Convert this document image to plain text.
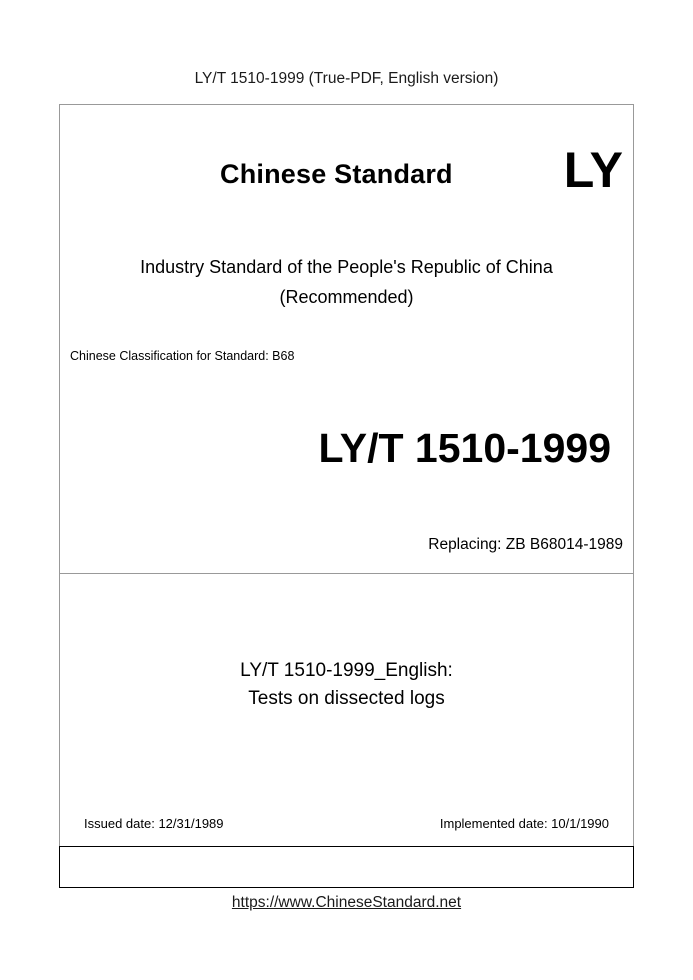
LY/T 1510-1999 (True-PDF, English version)
Chinese Standard LY
Industry Standard of the People's Republic of China
(Recommended)
Chinese Classification for Standard: B68
LY/T 1510-1999
Replacing: ZB B68014-1989
LY/T 1510-1999_English:
Tests on dissected logs
Issued date: 12/31/1989	Implemented date: 10/1/1990
https://www.ChineseStandard.net
